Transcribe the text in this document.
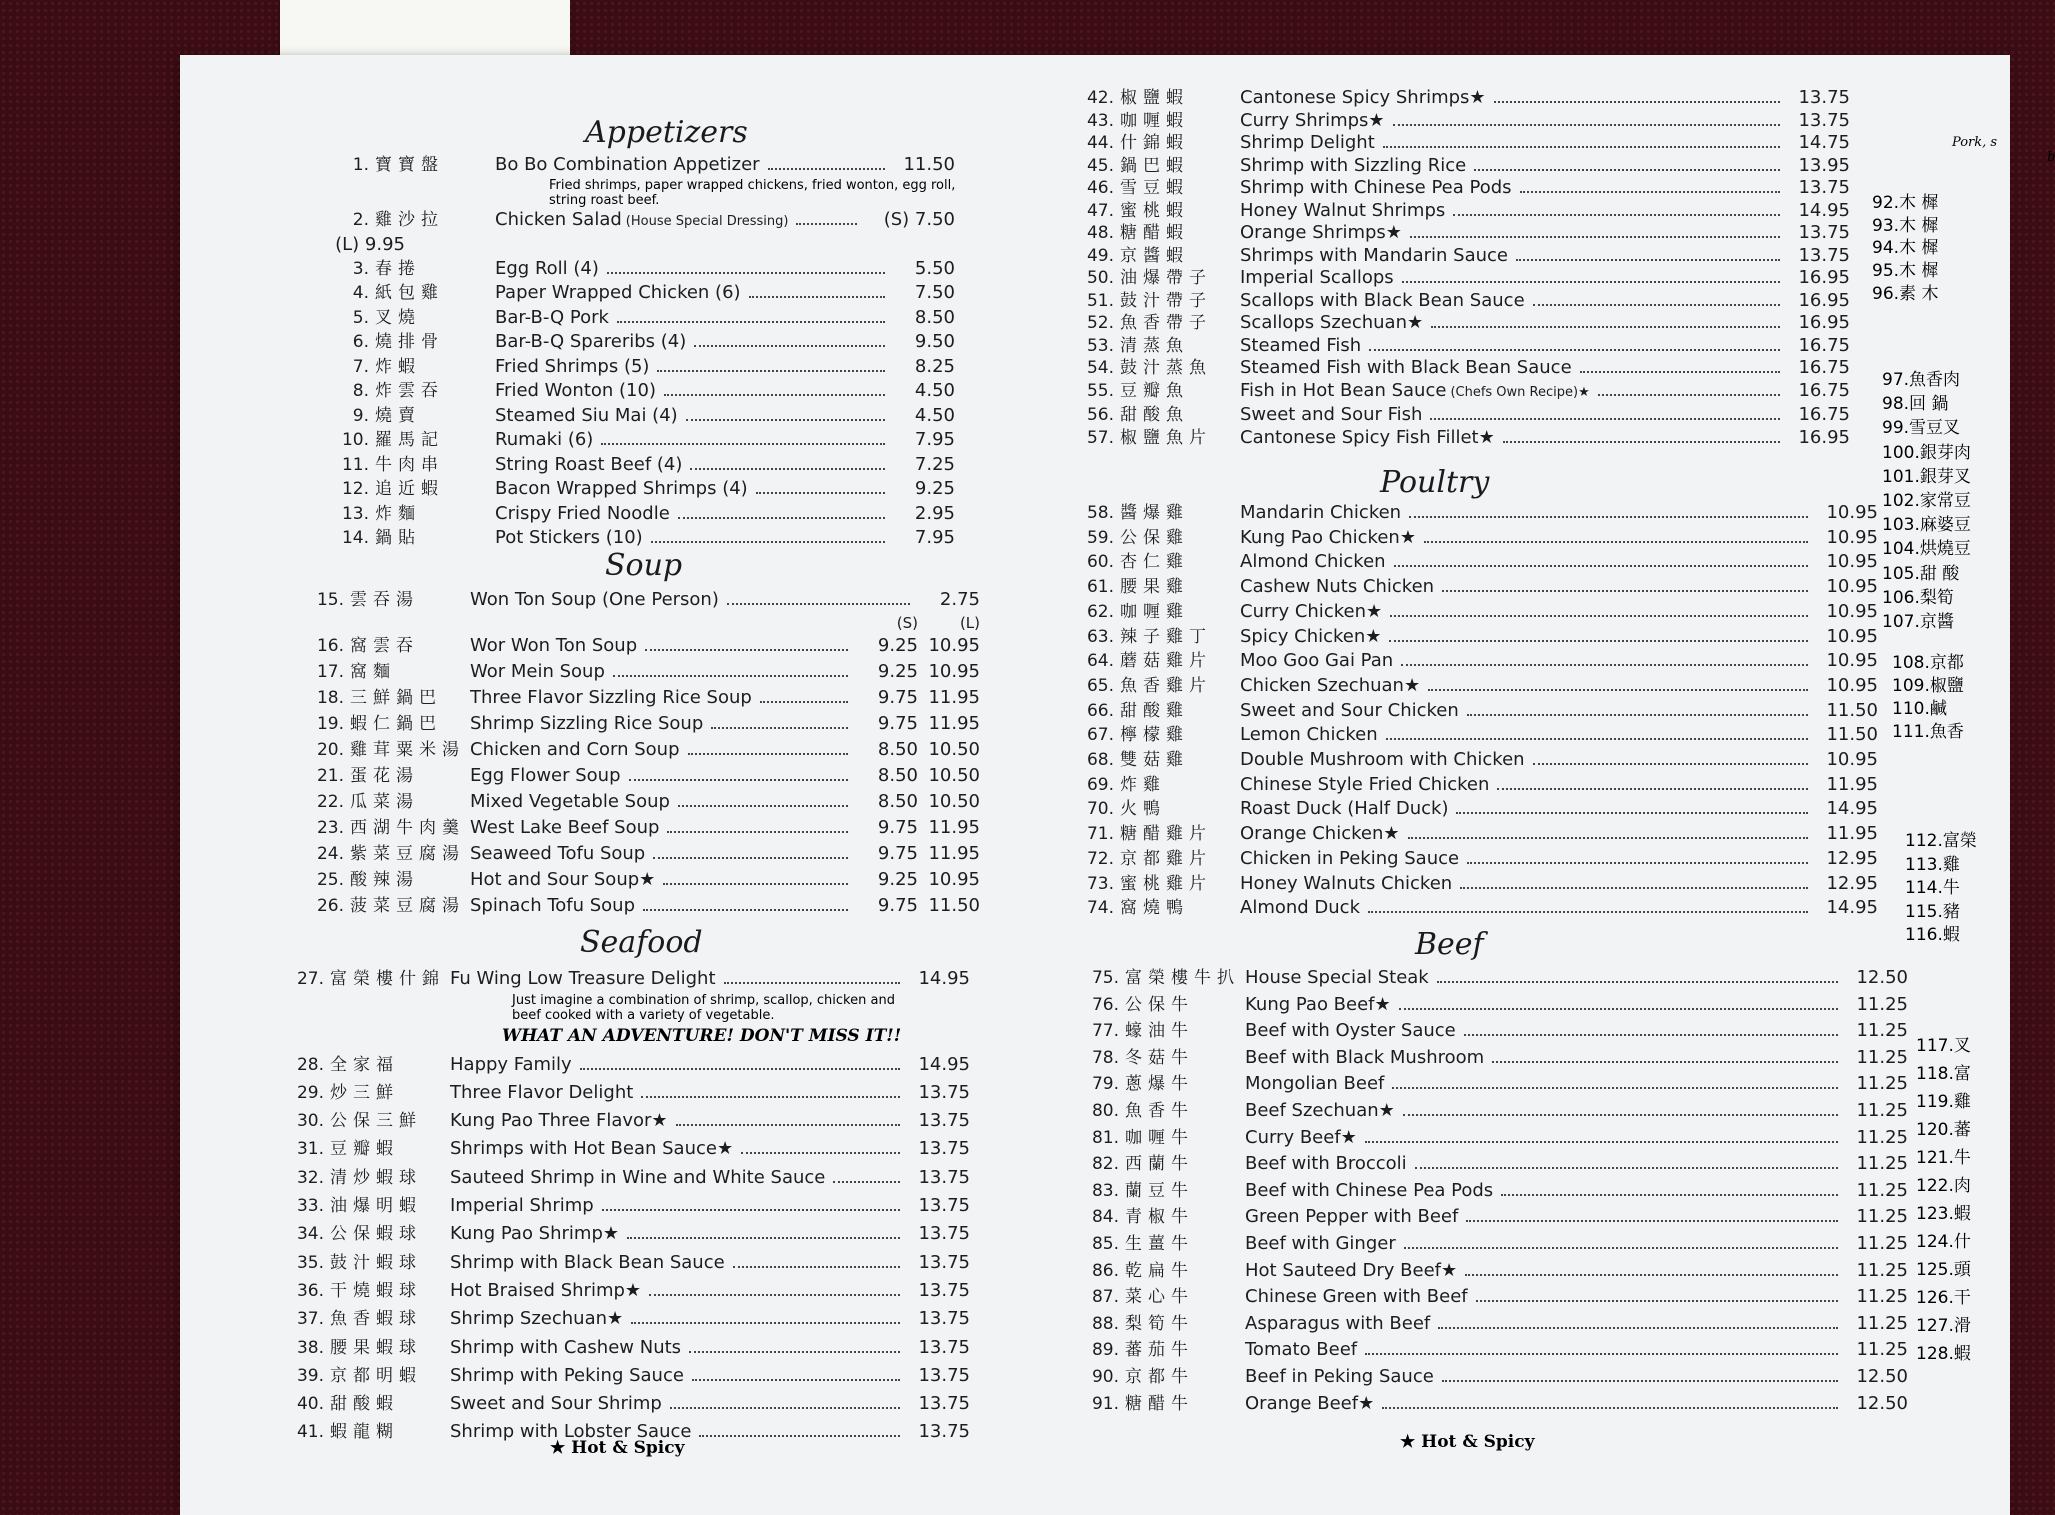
Appetizers
1. 寶寶盤	Bo Bo Combination Appetizer	11.50
Fried shrimps, paper wrapped chickens, fried wonton, egg roll, string roast beef.
2. 雞沙拉	Chicken Salad (House Special Dressing)	(S) 7.50
(L) 9.95
3. 春捲	Egg Roll (4)	5.50
4. 紙包雞	Paper Wrapped Chicken (6)	7.50
5. 叉燒	Bar-B-Q Pork	8.50
6. 燒排骨	Bar-B-Q Spareribs (4)	9.50
7. 炸蝦	Fried Shrimps (5)	8.25
8. 炸雲吞	Fried Wonton (10)	4.50
9. 燒賣	Steamed Siu Mai (4)	4.50
10. 羅馬記	Rumaki (6)	7.95
11. 牛肉串	String Roast Beef (4)	7.25
12. 追近蝦	Bacon Wrapped Shrimps (4)	9.25
13. 炸麵	Crispy Fried Noodle	2.95
14. 鍋貼	Pot Stickers (10)	7.95
Soup
15. 雲吞湯	Won Ton Soup (One Person)	2.75
(S)	(L)
16. 窩雲吞	Wor Won Ton Soup	9.25 10.95
17. 窩麵	Wor Mein Soup	9.25 10.95
18. 三鮮鍋巴	Three Flavor Sizzling Rice Soup	9.75 11.95
19. 蝦仁鍋巴	Shrimp Sizzling Rice Soup	9.75 11.95
20. 雞茸粟米湯 Chicken and Corn Soup	8.50 10.50
21. 蛋花湯	Egg Flower Soup	8.50 10.50
22. 瓜菜湯	Mixed Vegetable Soup	8.50 10.50
23. 西湖牛肉羹 West Lake Beef Soup	9.75 11.95
24. 紫菜豆腐湯 Seaweed Tofu Soup	9.75 11.95
25. 酸辣湯	Hot and Sour Soup★	9.25 10.95
26. 菠菜豆腐湯 Spinach Tofu Soup	9.75 11.50
Seafood
27. 富榮樓什錦 Fu Wing Low Treasure Delight	14.95
Just imagine a combination of shrimp, scallop, chicken and beef cooked with a variety of vegetable.
WHAT AN ADVENTURE! DON'T MISS IT!!
28. 全家福	Happy Family	14.95
29. 炒三鮮	Three Flavor Delight	13.75
30. 公保三鮮	Kung Pao Three Flavor★	13.75
31. 豆瓣蝦	Shrimps with Hot Bean Sauce★	13.75
32. 清炒蝦球	Sauteed Shrimp in Wine and White Sauce	13.75
33. 油爆明蝦	Imperial Shrimp	13.75
34. 公保蝦球	Kung Pao Shrimp★	13.75
35. 鼓汁蝦球	Shrimp with Black Bean Sauce	13.75
36. 干燒蝦球	Hot Braised Shrimp★	13.75
37. 魚香蝦球	Shrimp Szechuan★	13.75
38. 腰果蝦球	Shrimp with Cashew Nuts	13.75
39. 京都明蝦	Shrimp with Peking Sauce	13.75
40. 甜酸蝦	Sweet and Sour Shrimp	13.75
41. 蝦龍糊	Shrimp with Lobster Sauce	13.75
★ Hot & Spicy
42. 椒鹽蝦	Cantonese Spicy Shrimps★	13.75
43. 咖喱蝦	Curry Shrimps★	13.75
44. 什錦蝦	Shrimp Delight	14.75
45. 鍋巴蝦	Shrimp with Sizzling Rice	13.95
46. 雪豆蝦	Shrimp with Chinese Pea Pods	13.75
47. 蜜桃蝦	Honey Walnut Shrimps	14.95
48. 糖醋蝦	Orange Shrimps★	13.75
49. 京醬蝦	Shrimps with Mandarin Sauce	13.75
50. 油爆帶子	Imperial Scallops	16.95
51. 鼓汁帶子	Scallops with Black Bean Sauce	16.95
52. 魚香帶子	Scallops Szechuan★	16.95
53. 清蒸魚	Steamed Fish	16.75
54. 鼓汁蒸魚	Steamed Fish with Black Bean Sauce	16.75
55. 豆瓣魚	Fish in Hot Bean Sauce (Chefs Own Recipe)★	16.75
56. 甜酸魚	Sweet and Sour Fish	16.75
57. 椒鹽魚片	Cantonese Spicy Fish Fillet★	16.95
Poultry
58. 醬爆雞	Mandarin Chicken	10.95
59. 公保雞	Kung Pao Chicken★	10.95
60. 杏仁雞	Almond Chicken	10.95
61. 腰果雞	Cashew Nuts Chicken	10.95
62. 咖喱雞	Curry Chicken★	10.95
63. 辣子雞丁	Spicy Chicken★	10.95
64. 蘑菇雞片	Moo Goo Gai Pan	10.95
65. 魚香雞片	Chicken Szechuan★	10.95
66. 甜酸雞	Sweet and Sour Chicken	11.50
67. 檸檬雞	Lemon Chicken	11.50
68. 雙菇雞	Double Mushroom with Chicken	10.95
69. 炸雞	Chinese Style Fried Chicken	11.95
70. 火鴨	Roast Duck (Half Duck)	14.95
71. 糖醋雞片	Orange Chicken★	11.95
72. 京都雞片	Chicken in Peking Sauce	12.95
73. 蜜桃雞片	Honey Walnuts Chicken	12.95
74. 窩燒鴨	Almond Duck	14.95
Beef
75. 富榮樓牛扒 House Special Steak	12.50
76. 公保牛	Kung Pao Beef★	11.25
77. 蠔油牛	Beef with Oyster Sauce	11.25
78. 冬菇牛	Beef with Black Mushroom	11.25
79. 蔥爆牛	Mongolian Beef	11.25
80. 魚香牛	Beef Szechuan★	11.25
81. 咖喱牛	Curry Beef★	11.25
82. 西蘭牛	Beef with Broccoli	11.25
83. 蘭豆牛	Beef with Chinese Pea Pods	11.25
84. 青椒牛	Green Pepper with Beef	11.25
85. 生薑牛	Beef with Ginger	11.25
86. 乾扁牛	Hot Sauteed Dry Beef★	11.25
87. 菜心牛	Chinese Green with Beef	11.25
88. 梨筍牛	Asparagus with Beef	11.25
89. 蕃茄牛	Tomato Beef	11.25
90. 京都牛	Beef in Peking Sauce	12.50
91. 糖醋牛	Orange Beef★	12.50
★ Hot & Spicy
Pork, s
b
92.木 樨
93.木 樨
94.木 樨
95.木 樨
96.素 木
97.魚香肉
98.回 鍋
99.雪豆叉
100.銀芽肉
101.銀芽叉
102.家常豆
103.麻婆豆
104.烘燒豆
105.甜 酸
106.梨筍
107.京醬
108.京都
109.椒鹽
110.鹹
111.魚香
112.富榮
113.雞
114.牛
115.豬
116.蝦
117.叉
118.富
119.雞
120.蕃
121.牛
122.肉
123.蝦
124.什
125.頭
126.干
127.滑
128.蝦
